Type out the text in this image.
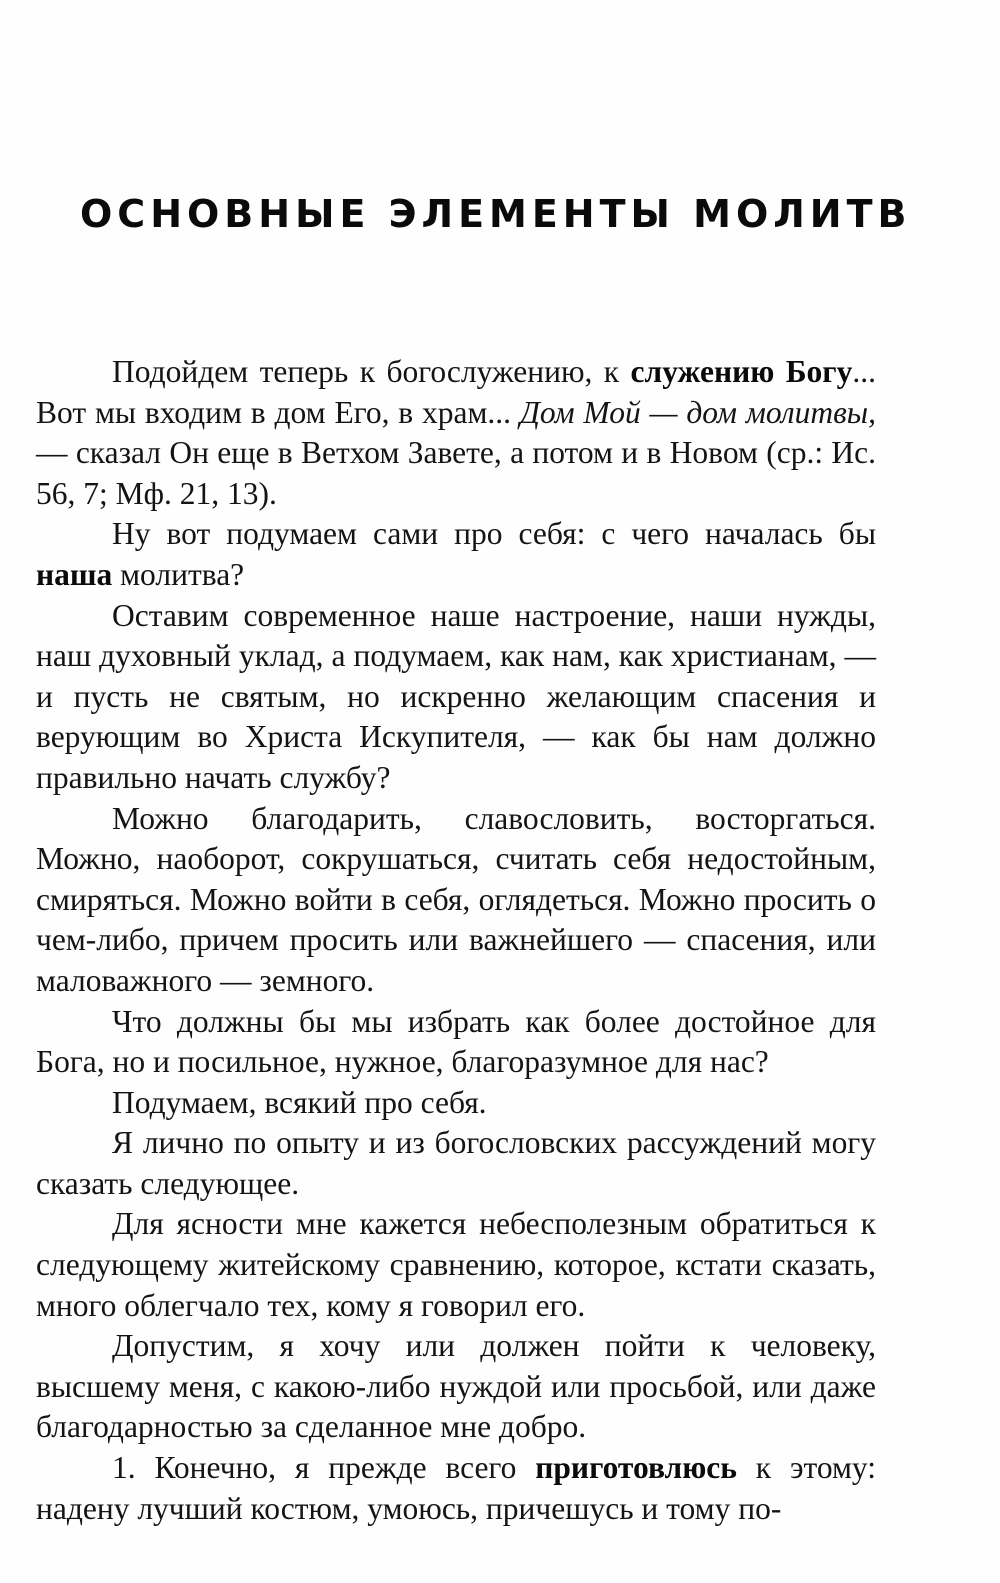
ОСНОВНЫЕ ЭЛЕМЕНТЫ МОЛИТВ

Подойдем теперь к богослужению, к служению Богу... Вот мы входим в дом Его, в храм... Дом Мой — дом молитвы, — сказал Он еще в Ветхом Завете, а потом и в Новом (ср.: Ис. 56, 7; Мф. 21, 13).

Ну вот подумаем сами про себя: с чего началась бы наша молитва?

Оставим современное наше настроение, наши нужды, наш духовный уклад, а подумаем, как нам, как христианам, — и пусть не святым, но искренно желающим спасения и верующим во Христа Искупителя, — как бы нам должно правильно начать службу?

Можно благодарить, славословить, восторгаться. Можно, наоборот, сокрушаться, считать себя недостойным, смиряться. Можно войти в себя, оглядеться. Можно просить о чем-либо, причем просить или важнейшего — спасения, или маловажного — земного.

Что должны бы мы избрать как более достойное для Бога, но и посильное, нужное, благоразумное для нас?

Подумаем, всякий про себя.

Я лично по опыту и из богословских рассуждений могу сказать следующее.

Для ясности мне кажется небесполезным обратиться к следующему житейскому сравнению, которое, кстати сказать, много облегчало тех, кому я говорил его.

Допустим, я хочу или должен пойти к человеку, высшему меня, с какою-либо нуждой или просьбой, или даже благодарностью за сделанное мне добро.

1. Конечно, я прежде всего приготовлюсь к этому: надену лучший костюм, умоюсь, причешусь и тому по-
